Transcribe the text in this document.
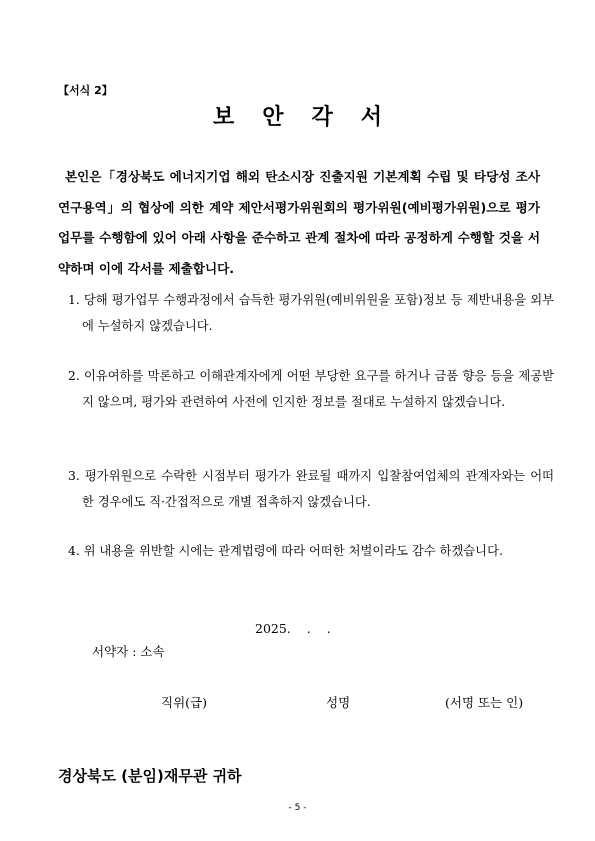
【서식 2】
보안각서
본인은「경상북도 에너지기업 해외 탄소시장 진출지원 기본계획 수립 및 타당성 조사 연구용역」의 협상에 의한 계약 제안서평가위원회의 평가위원(예비평가위원)으로 평가업무를 수행함에 있어 아래 사항을 준수하고 관계 절차에 따라 공정하게 수행할 것을 서약하며 이에 각서를 제출합니다.
1. 당해 평가업무 수행과정에서 습득한 평가위원(예비위원을 포함)정보 등 제반내용을 외부에 누설하지 않겠습니다.
2. 이유여하를 막론하고 이해관계자에게 어떤 부당한 요구를 하거나 금품 향응 등을 제공받지 않으며, 평가와 관련하여 사전에 인지한 정보를 절대로 누설하지 않겠습니다.
3. 평가위원으로 수락한 시점부터 평가가 완료될 때까지 입찰참여업체의 관계자와는 어떠한 경우에도 직·간접적으로 개별 접촉하지 않겠습니다.
4. 위 내용을 위반할 시에는 관계법령에 따라 어떠한 처벌이라도 감수 하겠습니다.
2025. . .
서약자 : 소속
직위(급)	성명	(서명 또는 인)
경상북도 (분임)재무관 귀하
- 5 -
